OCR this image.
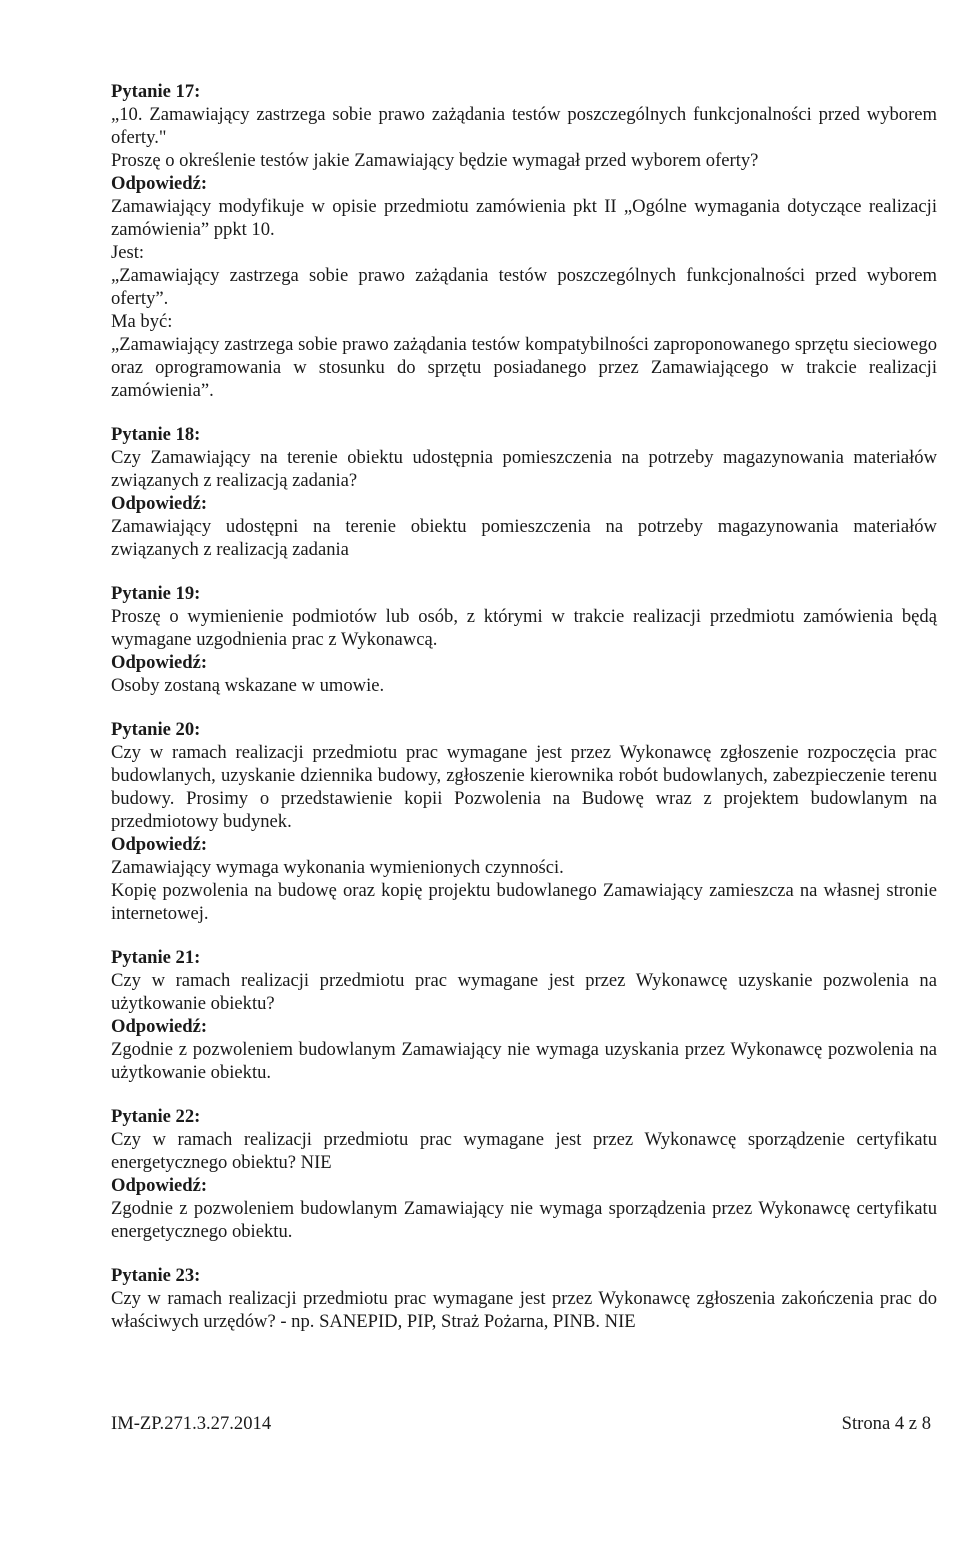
Pytanie 17:

„10. Zamawiający zastrzega sobie prawo zażądania testów poszczególnych funkcjonalności przed wyborem oferty."

Proszę o określenie testów jakie Zamawiający będzie wymagał przed wyborem oferty?

Odpowiedź:

Zamawiający modyfikuje w opisie przedmiotu zamówienia pkt II „Ogólne wymagania dotyczące realizacji zamówienia” ppkt 10.

Jest:

„Zamawiający zastrzega sobie prawo zażądania testów poszczególnych funkcjonalności przed wyborem oferty”.

Ma być:

„Zamawiający zastrzega sobie prawo zażądania testów kompatybilności zaproponowanego sprzętu sieciowego oraz oprogramowania w stosunku do sprzętu posiadanego przez Zamawiającego w trakcie realizacji zamówienia”.

Pytanie 18:

Czy Zamawiający na terenie obiektu udostępnia pomieszczenia na potrzeby magazynowania materiałów związanych z realizacją zadania?

Odpowiedź:

Zamawiający udostępni na terenie obiektu pomieszczenia na potrzeby magazynowania materiałów związanych z realizacją zadania

Pytanie 19:

Proszę o wymienienie podmiotów lub osób, z którymi w trakcie realizacji przedmiotu zamówienia będą wymagane uzgodnienia prac z Wykonawcą.

Odpowiedź:

Osoby zostaną wskazane w umowie.

Pytanie 20:

Czy w ramach realizacji przedmiotu prac wymagane jest przez Wykonawcę zgłoszenie rozpoczęcia prac budowlanych, uzyskanie dziennika budowy, zgłoszenie kierownika robót budowlanych, zabezpieczenie terenu budowy. Prosimy o przedstawienie kopii Pozwolenia na Budowę wraz z projektem budowlanym na przedmiotowy budynek.

Odpowiedź:

Zamawiający wymaga wykonania wymienionych czynności.

Kopię pozwolenia na budowę oraz kopię projektu budowlanego Zamawiający zamieszcza na własnej stronie internetowej.

Pytanie 21:

Czy w ramach realizacji przedmiotu prac wymagane jest przez Wykonawcę uzyskanie pozwolenia na użytkowanie obiektu?

Odpowiedź:

Zgodnie z pozwoleniem budowlanym Zamawiający nie wymaga uzyskania przez Wykonawcę pozwolenia na użytkowanie obiektu.

Pytanie 22:

Czy w ramach realizacji przedmiotu prac wymagane jest przez Wykonawcę sporządzenie certyfikatu energetycznego obiektu? NIE

Odpowiedź:

Zgodnie z pozwoleniem budowlanym Zamawiający nie wymaga sporządzenia przez Wykonawcę certyfikatu energetycznego obiektu.

Pytanie 23:

Czy w ramach realizacji przedmiotu prac wymagane jest przez Wykonawcę zgłoszenia zakończenia prac do właściwych urzędów? - np. SANEPID, PIP, Straż Pożarna, PINB. NIE

IM-ZP.271.3.27.2014	Strona 4 z 8
